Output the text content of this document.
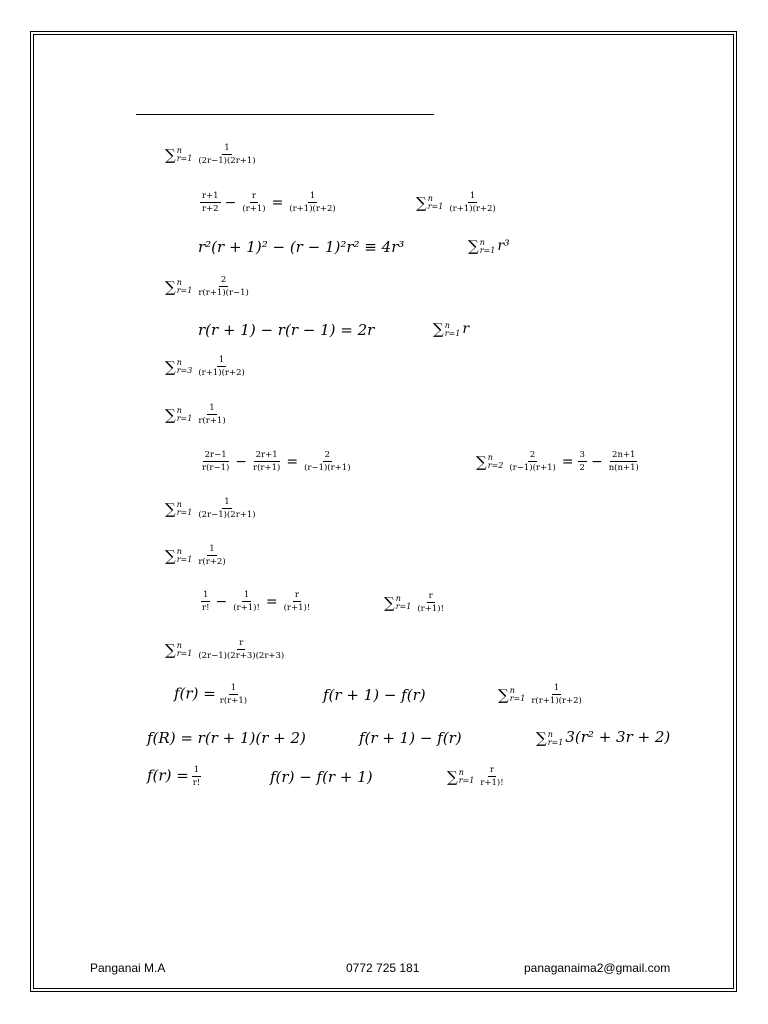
∑ n
$r=1 \frac{1}{(2r-1)(2r+1)}$
$\frac{r+1}{r+2} - \frac{r}{(r+1)} = \frac{1}{(r+1)(r+2)}$	∑ n
$r=1 \frac{1}{(r+1)(r+2)}$
r²(r + 1)² − (r − 1)²r² ≡ 4r³	∑ n
r=1 r³
∑ n
$r=1 \frac{2}{r(r+1)(r-1)}$
r(r + 1) − r(r − 1) = 2r	∑ n
r=1 r
∑ n
$r=3 \frac{1}{(r+1)(r+2)}$
∑ n
$r=1 \frac{1}{r(r+1)}$
$\frac{2r-1}{r(r-1)} - \frac{2r+1}{r(r+1)} = \frac{2}{(r-1)(r+1)}$	∑ n
$r=2 \frac{2}{(r-1)(r+1)} = \frac{3}{2} - \frac{2n+1}{n(n+1)}$
∑ n
$r=1 \frac{1}{(2r-1)(2r+1)}$
∑ n
$r=1 \frac{1}{r(r+2)}$
$\frac{1}{r!} - \frac{1}{(r+1)!} = \frac{r}{(r+1)!}$	∑ n
$r=1 \frac{r}{(r+1)!}$
∑ n
$r=1 \frac{r}{(2r-1)(2r+3)(2r+3)}$
$f(r) = \frac{1}{r(r+1)}$	f(r + 1) − f(r)	∑ n
$r=1 \frac{1}{r(r+1)(r+2)}$
f(R) = r(r + 1)(r + 2)	f(r + 1) − f(r)	∑ n
r=1 3(r² + 3r + 2)
$f(r) = \frac{1}{r!}$	f(r) − f(r + 1)	∑ n
$r=1 \frac{r}{r+1)!}$
Panganai M.A	0772 725 181	panaganaima2@gmail.com
